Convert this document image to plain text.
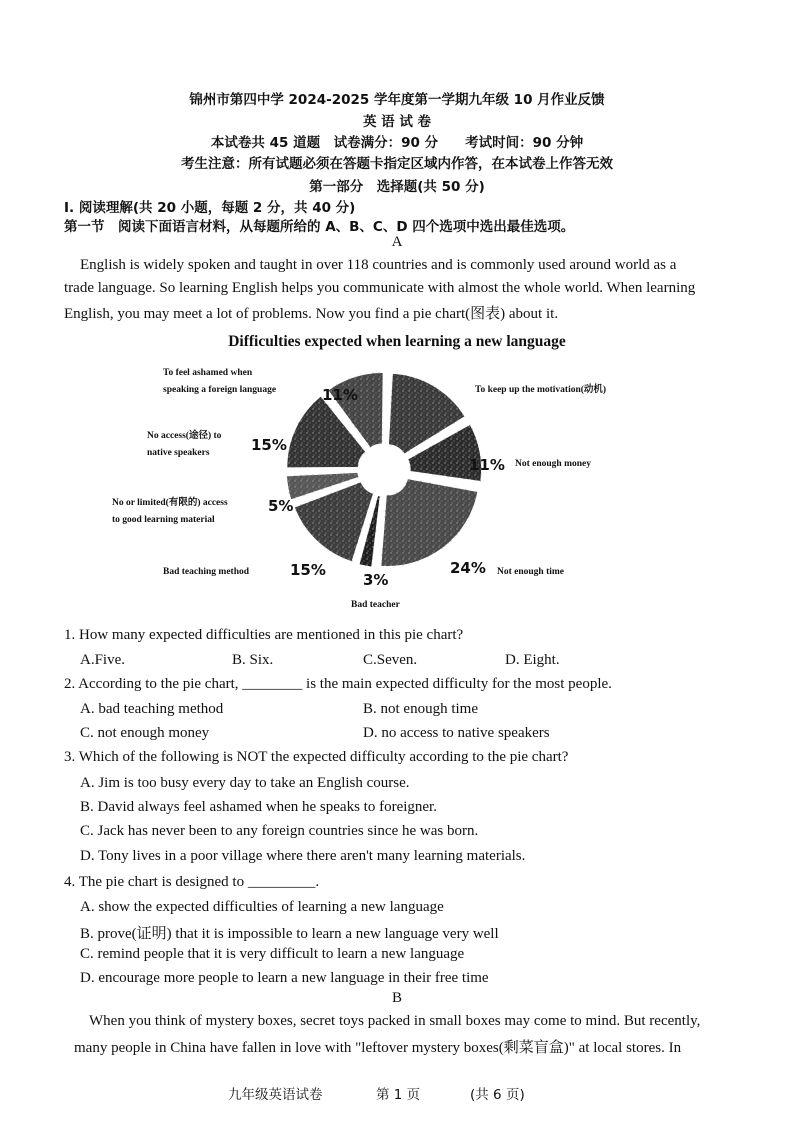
锦州市第四中学 2024-2025 学年度第一学期九年级 10 月作业反馈
英 语 试 卷
本试卷共 45 道题　试卷满分：90 分　　考试时间：90 分钟
考生注意：所有试题必须在答题卡指定区域内作答，在本试卷上作答无效
第一部分　选择题(共 50 分)
I. 阅读理解(共 20 小题，每题 2 分，共 40 分)
第一节　阅读下面语言材料，从每题所给的 A、B、C、D 四个选项中选出最佳选项。
A
English is widely spoken and taught in over 118 countries and is commonly used around world as a
trade language. So learning English helps you communicate with almost the whole world. When learning
English, you may meet a lot of problems. Now you find a pie chart(图表) about it.
Difficulties expected when learning a new language
To feel ashamed when
speaking a foreign language
No access(途径) to
native speakers
No or limited(有限的) access
to good learning material
Bad teaching method
Bad teacher
Not enough time
Not enough money
To keep up the motivation(动机)
11%
15%
5%
15%
3%
24%
11%
1. How many expected difficulties are mentioned in this pie chart?
A.Five.	B. Six.	C.Seven.	D. Eight.
2. According to the pie chart, ________ is the main expected difficulty for the most people.
A. bad teaching method	B. not enough time
C. not enough money	D. no access to native speakers
3. Which of the following is NOT the expected difficulty according to the pie chart?
A. Jim is too busy every day to take an English course.
B. David always feel ashamed when he speaks to foreigner.
C. Jack has never been to any foreign countries since he was born.
D. Tony lives in a poor village where there aren't many learning materials.
4. The pie chart is designed to _________.
A. show the expected difficulties of learning a new language
B. prove(证明) that it is impossible to learn a new language very well
C. remind people that it is very difficult to learn a new language
D. encourage more people to learn a new language in their free time
B
When you think of mystery boxes, secret toys packed in small boxes may come to mind. But recently,
many people in China have fallen in love with "leftover mystery boxes(剩菜盲盒)" at local stores. In
九年级英语试卷	第 1 页	(共 6 页)
